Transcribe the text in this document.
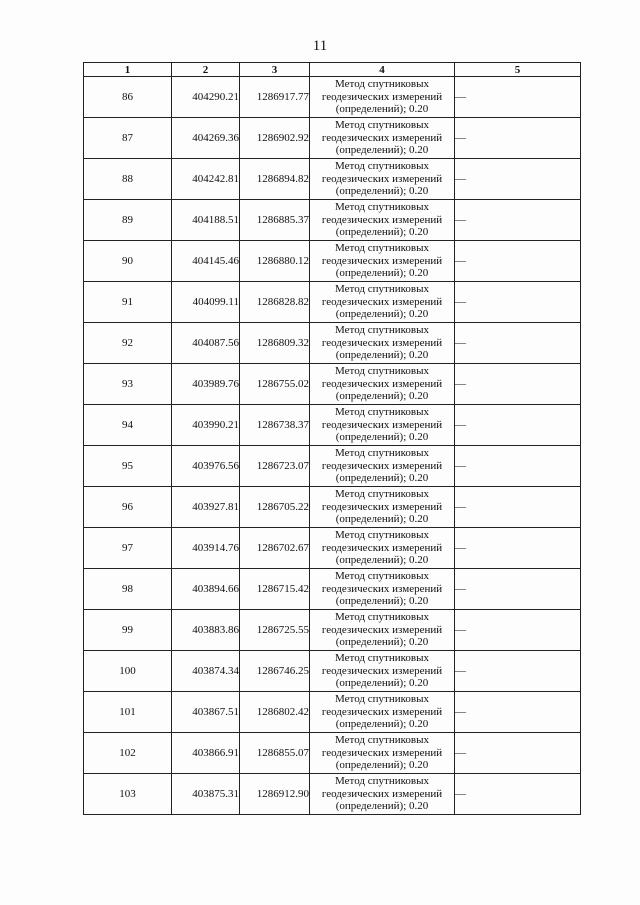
11
1	2	3	4	5
86	404290.21	1286917.77	Метод спутниковых геодезических измерений (определений); 0.20	—
87	404269.36	1286902.92	Метод спутниковых геодезических измерений (определений); 0.20	—
88	404242.81	1286894.82	Метод спутниковых геодезических измерений (определений); 0.20	—
89	404188.51	1286885.37	Метод спутниковых геодезических измерений (определений); 0.20	—
90	404145.46	1286880.12	Метод спутниковых геодезических измерений (определений); 0.20	—
91	404099.11	1286828.82	Метод спутниковых геодезических измерений (определений); 0.20	—
92	404087.56	1286809.32	Метод спутниковых геодезических измерений (определений); 0.20	—
93	403989.76	1286755.02	Метод спутниковых геодезических измерений (определений); 0.20	—
94	403990.21	1286738.37	Метод спутниковых геодезических измерений (определений); 0.20	—
95	403976.56	1286723.07	Метод спутниковых геодезических измерений (определений); 0.20	—
96	403927.81	1286705.22	Метод спутниковых геодезических измерений (определений); 0.20	—
97	403914.76	1286702.67	Метод спутниковых геодезических измерений (определений); 0.20	—
98	403894.66	1286715.42	Метод спутниковых геодезических измерений (определений); 0.20	—
99	403883.86	1286725.55	Метод спутниковых геодезических измерений (определений); 0.20	—
100	403874.34	1286746.25	Метод спутниковых геодезических измерений (определений); 0.20	—
101	403867.51	1286802.42	Метод спутниковых геодезических измерений (определений); 0.20	—
102	403866.91	1286855.07	Метод спутниковых геодезических измерений (определений); 0.20	—
103	403875.31	1286912.90	Метод спутниковых геодезических измерений (определений); 0.20	—
